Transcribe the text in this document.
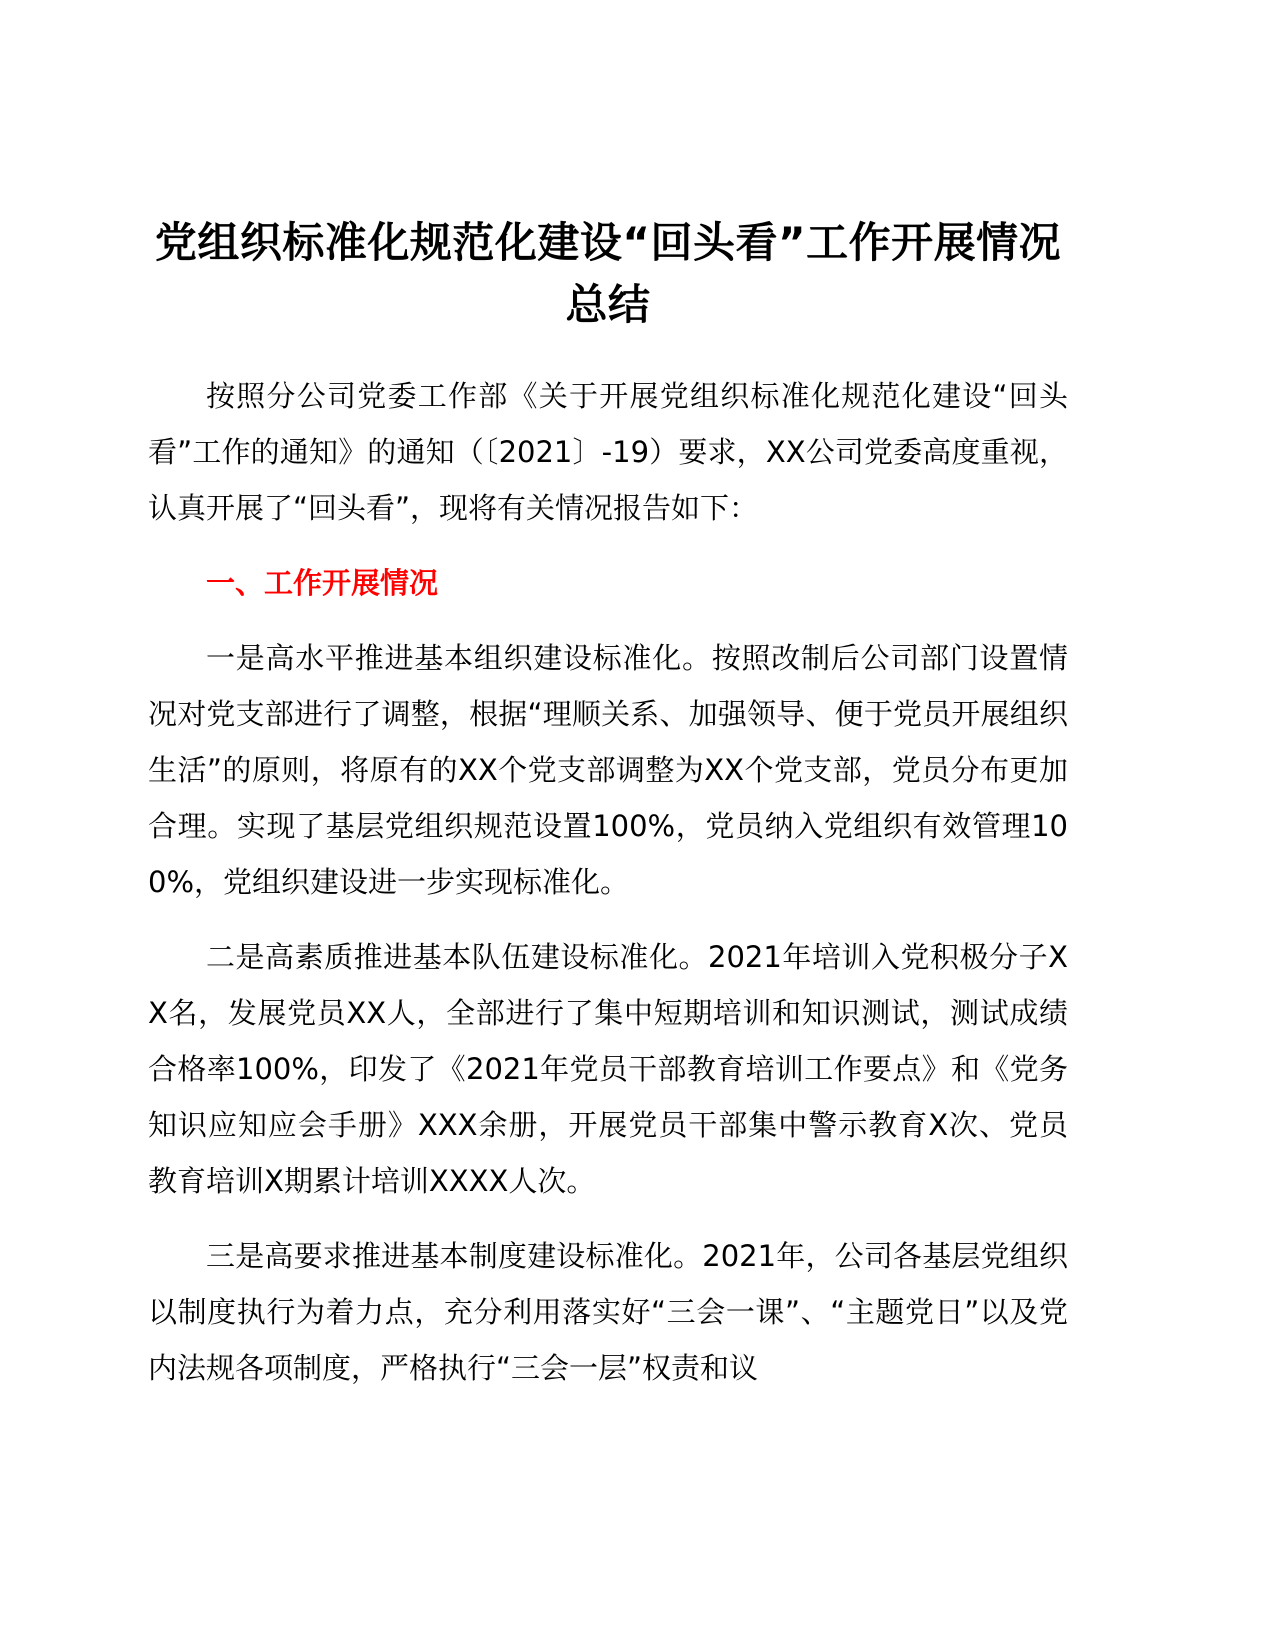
党组织标准化规范化建设“回头看”工作开展情况总结

按照分公司党委工作部《关于开展党组织标准化规范化建设“回头看”工作的通知》的通知（〔2021〕-19）要求，XX公司党委高度重视，认真开展了“回头看”，现将有关情况报告如下：

一、工作开展情况

一是高水平推进基本组织建设标准化。按照改制后公司部门设置情况对党支部进行了调整，根据“理顺关系、加强领导、便于党员开展组织生活”的原则，将原有的XX个党支部调整为XX个党支部，党员分布更加合理。实现了基层党组织规范设置100%，党员纳入党组织有效管理100%，党组织建设进一步实现标准化。

二是高素质推进基本队伍建设标准化。2021年培训入党积极分子XX名，发展党员XX人，全部进行了集中短期培训和知识测试，测试成绩合格率100%，印发了《2021年党员干部教育培训工作要点》和《党务知识应知应会手册》XXX余册，开展党员干部集中警示教育X次、党员教育培训X期累计培训XXXX人次。

三是高要求推进基本制度建设标准化。2021年，公司各基层党组织以制度执行为着力点，充分利用落实好“三会一课”、“主题党日”以及党内法规各项制度，严格执行“三会一层”权责和议
